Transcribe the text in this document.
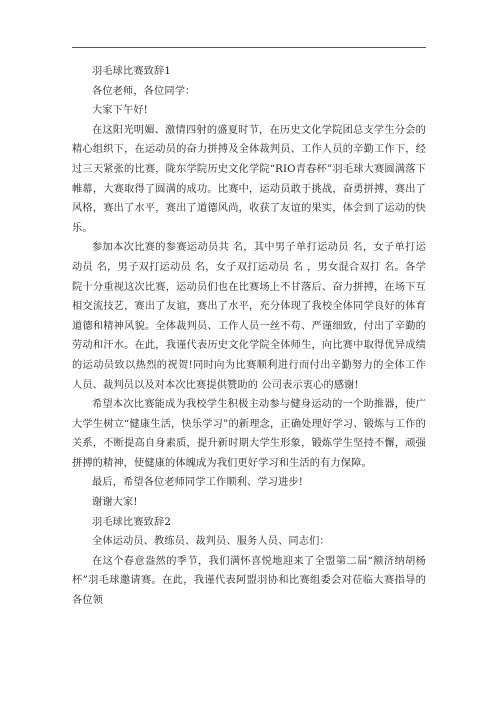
羽毛球比赛致辞1

各位老师，各位同学：

大家下午好!

在这阳光明媚、激情四射的盛夏时节，在历史文化学院团总支学生分会的精心组织下，在运动员的奋力拼搏及全体裁判员、工作人员的辛勤工作下，经过三天紧张的比赛，陇东学院历史文化学院“RIO青春杯”羽毛球大赛圆满落下帷幕，大赛取得了圆满的成功。比赛中，运动员敢于挑战，奋勇拼搏，赛出了风格，赛出了水平，赛出了道德风尚，收获了友谊的果实，体会到了运动的快乐。

参加本次比赛的参赛运动员共 名，其中男子单打运动员 名，女子单打运动员 名，男子双打运动员 名，女子双打运动员 名 ，男女混合双打 名。各学院十分重视这次比赛，运动员们也在比赛场上不甘落后、奋力拼搏，在场下互相交流技艺，赛出了友谊，赛出了水平，充分体现了我校全体同学良好的体育道德和精神风貌。全体裁判员、工作人员一丝不苟、严谨细致，付出了辛勤的劳动和汗水。在此，我谨代表历史文化学院全体师生，向比赛中取得优异成绩的运动员致以热烈的祝贺!同时向为比赛顺利进行而付出辛勤努力的全体工作人员、裁判员以及对本次比赛提供赞助的 公司表示衷心的感谢!

希望本次比赛能成为我校学生积极主动参与健身运动的一个助推器，使广大学生树立“健康生活，快乐学习”的新理念，正确处理好学习、锻炼与工作的关系，不断提高自身素质，提升新时期大学生形象，锻炼学生坚持不懈，顽强拼搏的精神，使健康的体魄成为我们更好学习和生活的有力保障。

最后，希望各位老师同学工作顺利、学习进步!

谢谢大家!

羽毛球比赛致辞2

全体运动员、教练员、裁判员、服务人员、同志们：

在这个春意盎然的季节，我们满怀喜悦地迎来了全盟第二届“额济纳胡杨杯”羽毛球邀请赛。在此，我谨代表阿盟羽协和比赛组委会对莅临大赛指导的各位领
